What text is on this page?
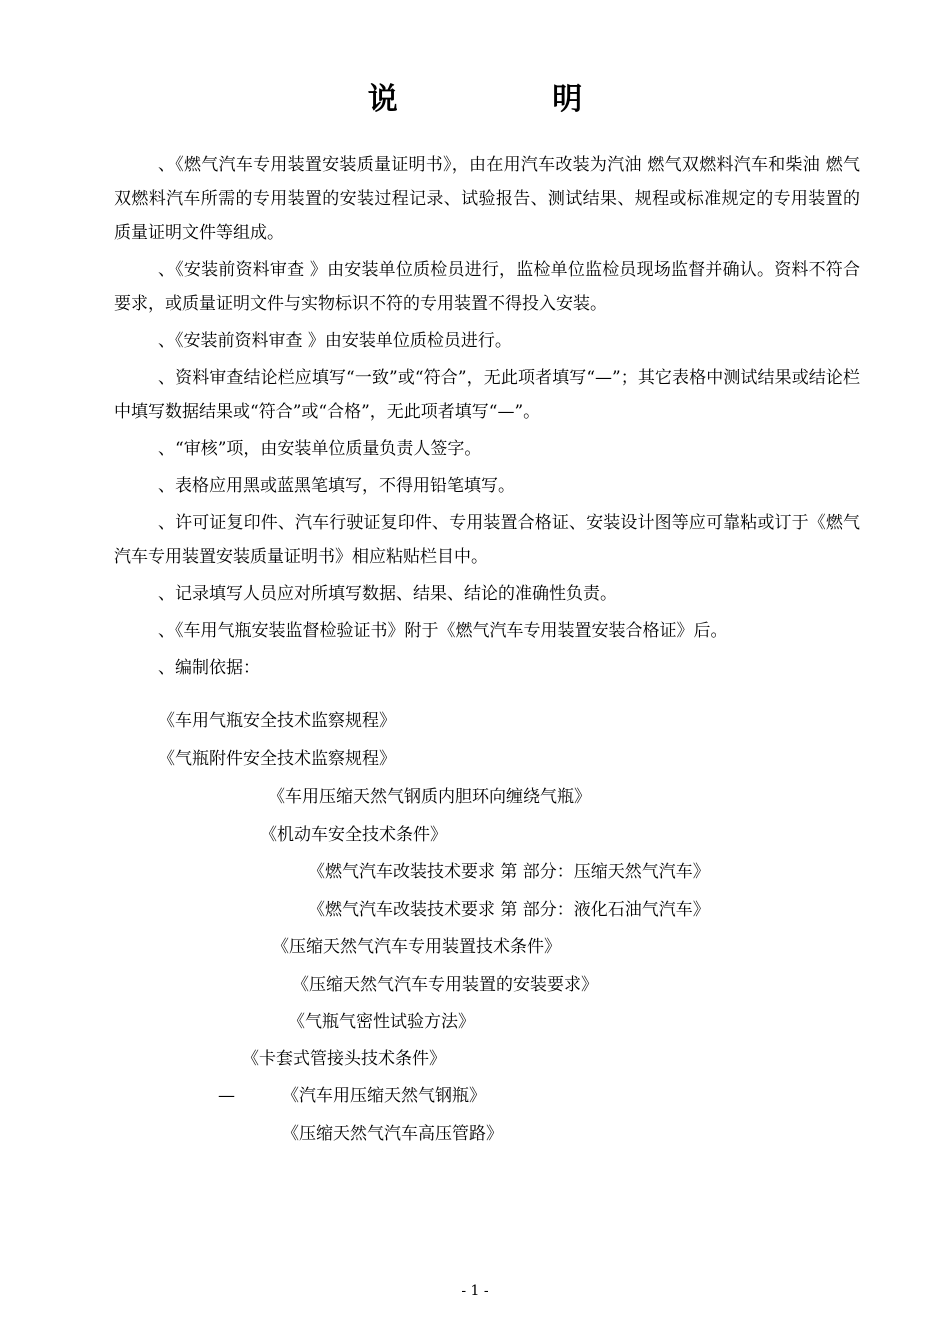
说 明

、《燃气汽车专用装置安装质量证明书》，由在用汽车改装为汽油 燃气双燃料汽车和柴油 燃气双燃料汽车所需的专用装置的安装过程记录、试验报告、测试结果、规程或标准规定的专用装置的质量证明文件等组成。

、《安装前资料审查 》由安装单位质检员进行，监检单位监检员现场监督并确认。资料不符合要求，或质量证明文件与实物标识不符的专用装置不得投入安装。

、《安装前资料审查 》由安装单位质检员进行。

、资料审查结论栏应填写“一致”或“符合”，无此项者填写“—”；其它表格中测试结果或结论栏中填写数据结果或“符合”或“合格”，无此项者填写“—”。

、“审核”项，由安装单位质量负责人签字。

、表格应用黑或蓝黑笔填写，不得用铅笔填写。

、许可证复印件、汽车行驶证复印件、专用装置合格证、安装设计图等应可靠粘或订于《燃气汽车专用装置安装质量证明书》相应粘贴栏目中。

、记录填写人员应对所填写数据、结果、结论的准确性负责。

、《车用气瓶安装监督检验证书》附于《燃气汽车专用装置安装合格证》后。

、编制依据：

《车用气瓶安全技术监察规程》
《气瓶附件安全技术监察规程》
《车用压缩天然气钢质内胆环向缠绕气瓶》
《机动车安全技术条件》
《燃气汽车改装技术要求 第 部分：压缩天然气汽车》
《燃气汽车改装技术要求 第 部分：液化石油气汽车》
《压缩天然气汽车专用装置技术条件》
《压缩天然气汽车专用装置的安装要求》
《气瓶气密性试验方法》
《卡套式管接头技术条件》
—	《汽车用压缩天然气钢瓶》
《压缩天然气汽车高压管路》
- 1 -
